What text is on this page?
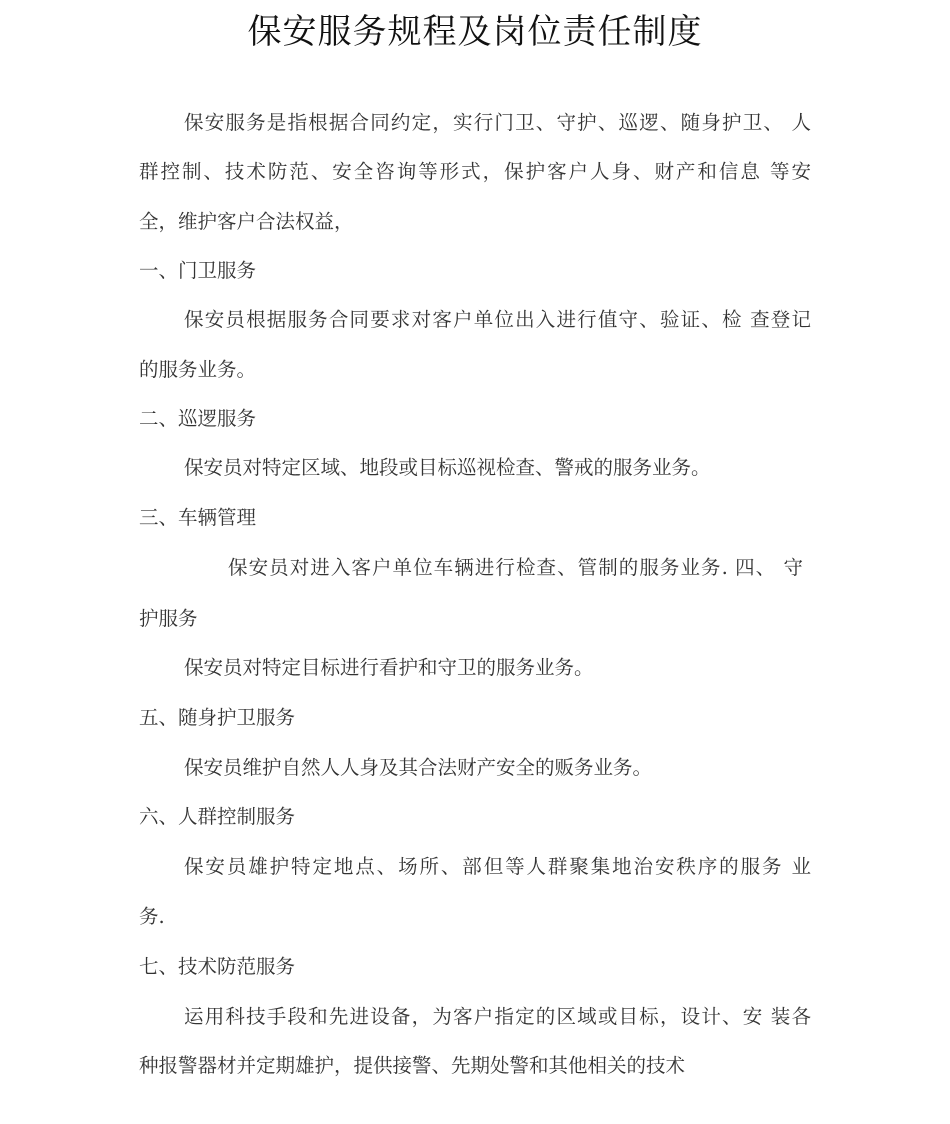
保安服务规程及岗位责任制度
保安服务是指根据合同约定，实行门卫、守护、巡逻、随身护卫、 人
群控制、技术防范、安全咨询等形式，保护客户人身、财产和信息 等安
全，维护客户合法权益，
一、门卫服务
保安员根据服务合同要求对客户单位出入进行值守、验证、检 查登记
的服务业务。
二、巡逻服务
保安员对特定区域、地段或目标巡视检查、警戒的服务业务。
三、车辆管理
保安员对进入客户单位车辆进行检查、管制的服务业务. 四、 守
护服务
保安员对特定目标进行看护和守卫的服务业务。
五、随身护卫服务
保安员维护自然人人身及其合法财产安全的贩务业务。
六、人群控制服务
保安员雄护特定地点、场所、部但等人群聚集地治安秩序的服务 业
务.
七、技术防范服务
运用科技手段和先进设备，为客户指定的区域或目标，设计、安 装各
种报警器材并定期雄护，提供接警、先期处警和其他相关的技术
